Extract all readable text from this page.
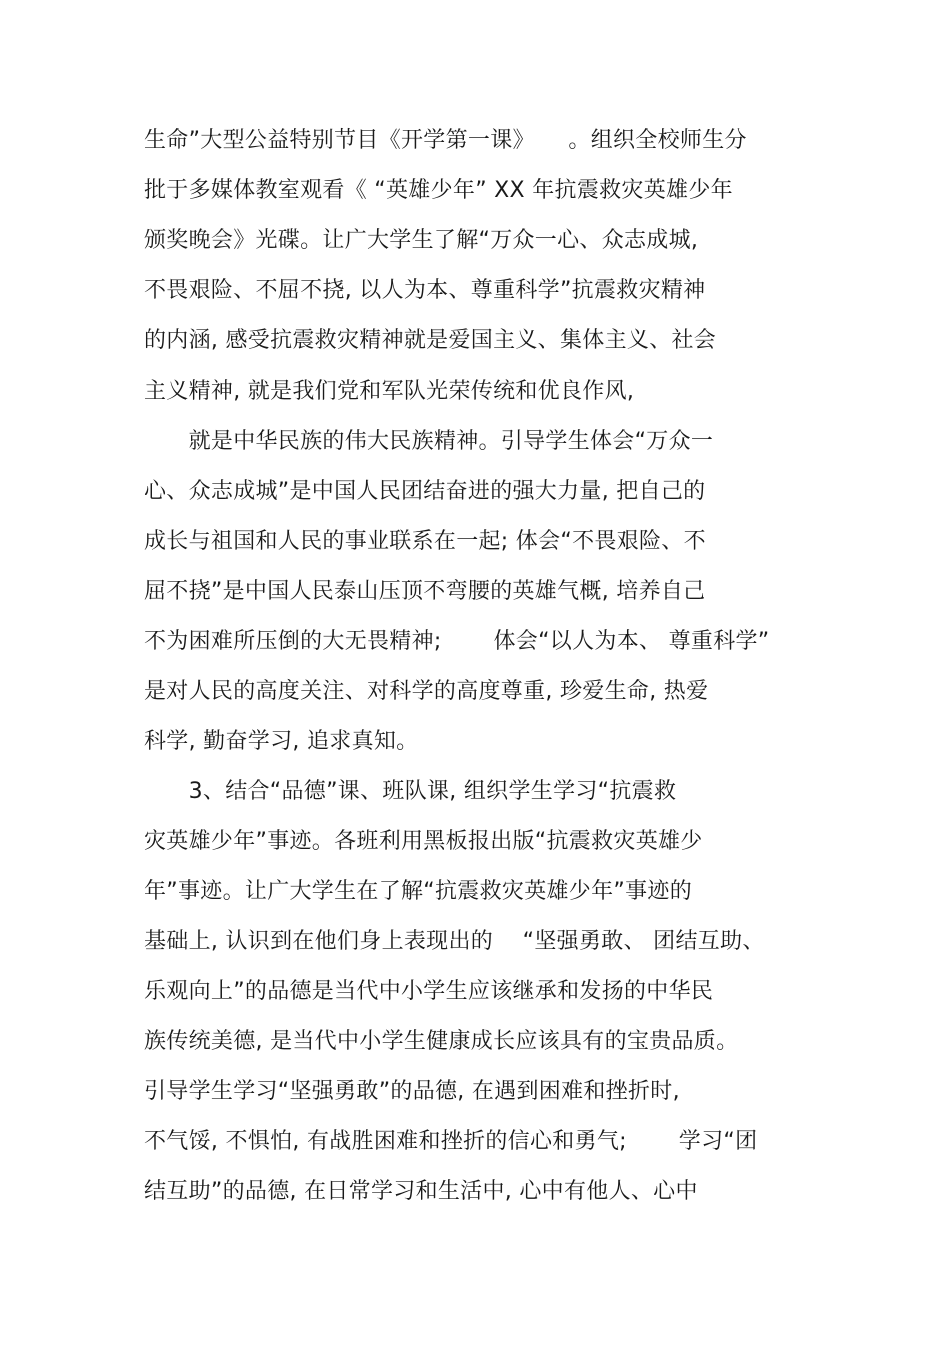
生命”大型公益特别节目《开学第一课》　　。组织全校师生分
批于多媒体教室观看《 “英雄少年” XX 年抗震救灾英雄少年
颁奖晚会》光碟。让广大学生了解“万众一心、众志成城,
不畏艰险、不屈不挠, 以人为本、尊重科学”抗震救灾精神
的内涵, 感受抗震救灾精神就是爱国主义、集体主义、社会
主义精神, 就是我们党和军队光荣传统和优良作风,
　　就是中华民族的伟大民族精神。引导学生体会“万众一
心、众志成城”是中国人民团结奋进的强大力量, 把自己的
成长与祖国和人民的事业联系在一起; 体会“不畏艰险、不
屈不挠”是中国人民泰山压顶不弯腰的英雄气概, 培养自己
不为困难所压倒的大无畏精神;　　 体会“以人为本、 尊重科学”
是对人民的高度关注、对科学的高度尊重, 珍爱生命, 热爱
科学, 勤奋学习, 追求真知。
　　3、结合“品德”课、班队课, 组织学生学习“抗震救
灾英雄少年”事迹。各班利用黑板报出版“抗震救灾英雄少
年”事迹。让广大学生在了解“抗震救灾英雄少年”事迹的
基础上, 认识到在他们身上表现出的　 “坚强勇敢、 团结互助、
乐观向上”的品德是当代中小学生应该继承和发扬的中华民
族传统美德, 是当代中小学生健康成长应该具有的宝贵品质。
引导学生学习“坚强勇敢”的品德, 在遇到困难和挫折时,
不气馁, 不惧怕, 有战胜困难和挫折的信心和勇气;　　 学习“团
结互助”的品德, 在日常学习和生活中, 心中有他人、心中
